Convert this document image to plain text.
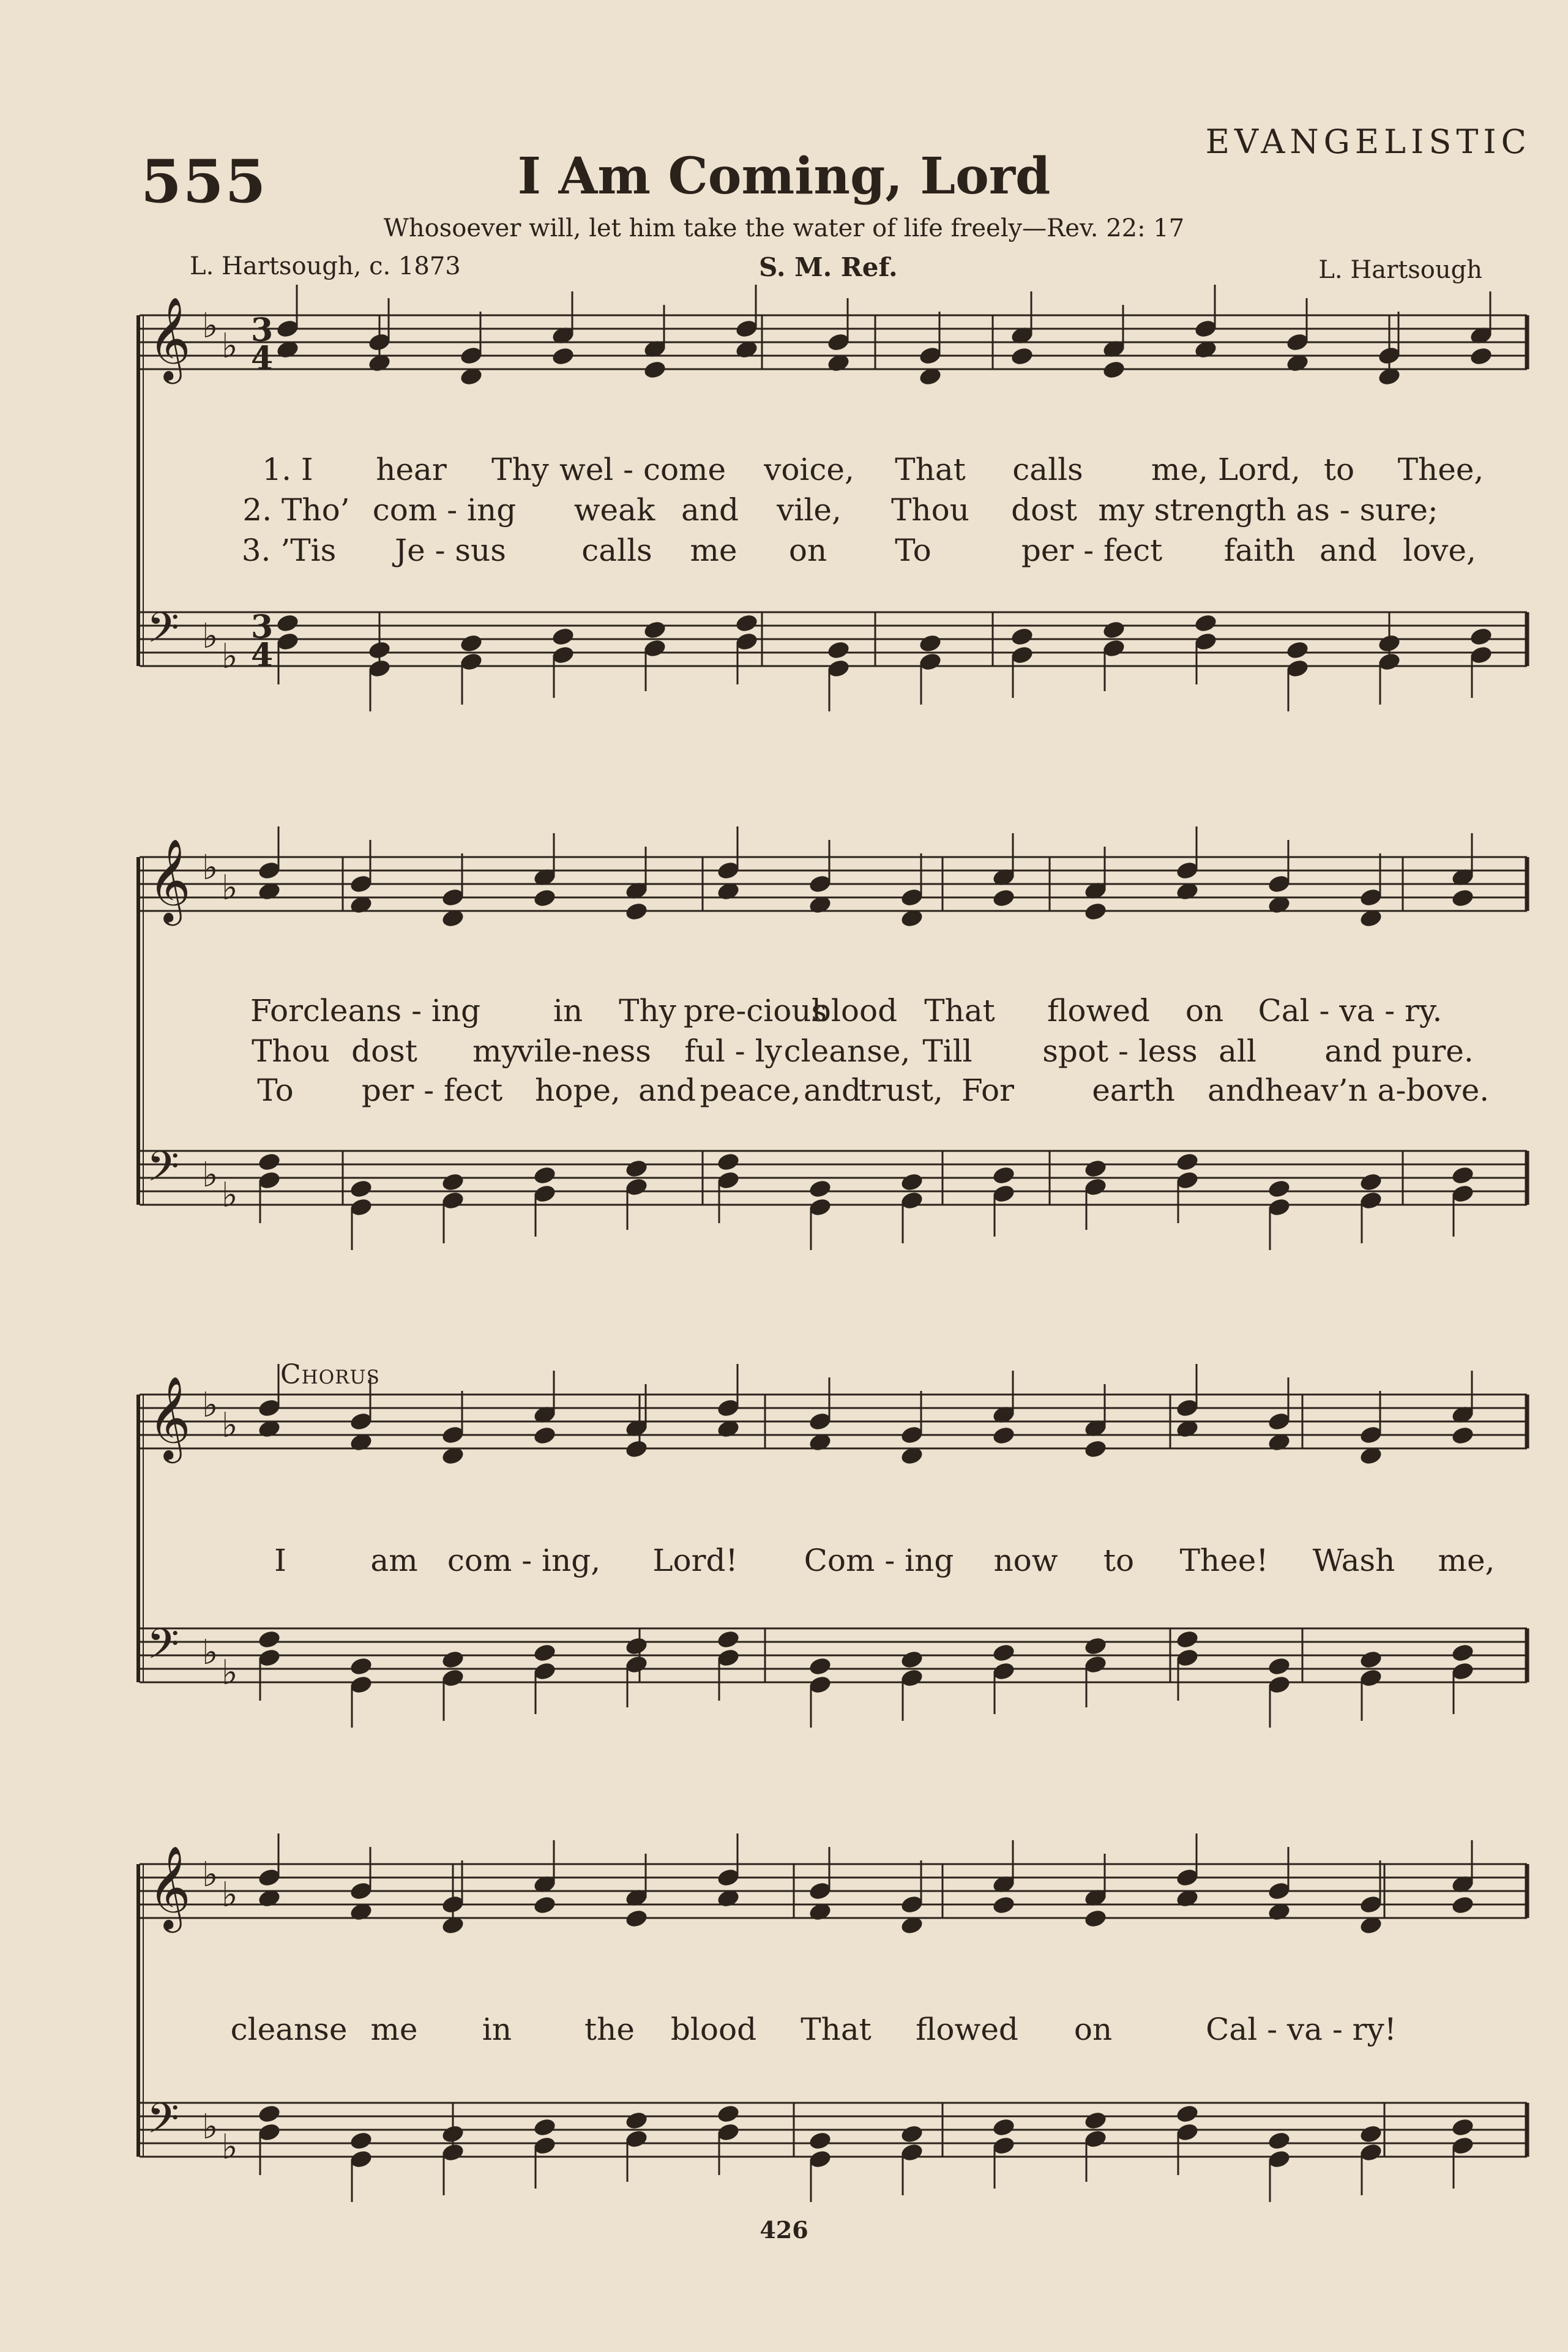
555	I Am Coming, Lord
EVANGELISTIC
Whosoever will, let him take the water of life freely—Rev. 22: 17
L. Hartsough, c. 1873	S. M. Ref.	L. Hartsough
𝄞
𝄢
♭
♭
♭
♭
3
4
3
4
𝄞
𝄢
♭
♭
♭
♭
𝄞
𝄢
♭
♭
♭
♭
𝄞
𝄢
♭
♭
♭
♭
Chorus
1. I hear Thy wel - come voice, That calls me, Lord, to Thee,
2. Tho’ com - ing weak and vile, Thou dost my strength as - sure;
3. ’Tis Je - sus calls me on To	per - fect faith and love,
For cleans - ing in Thy pre-cious
blood That flowed on Cal - va - ry.
Thou dost my
vile-ness ful - ly cleanse, Till spot - less all and pure.
To per - fect hope, and peace, and
trust, For	earth and heav’n a-bove.
I	am com - ing, Lord! Com - ing now to Thee! Wash me,
cleanse me in the blood That flowed on	Cal - va - ry!
426
